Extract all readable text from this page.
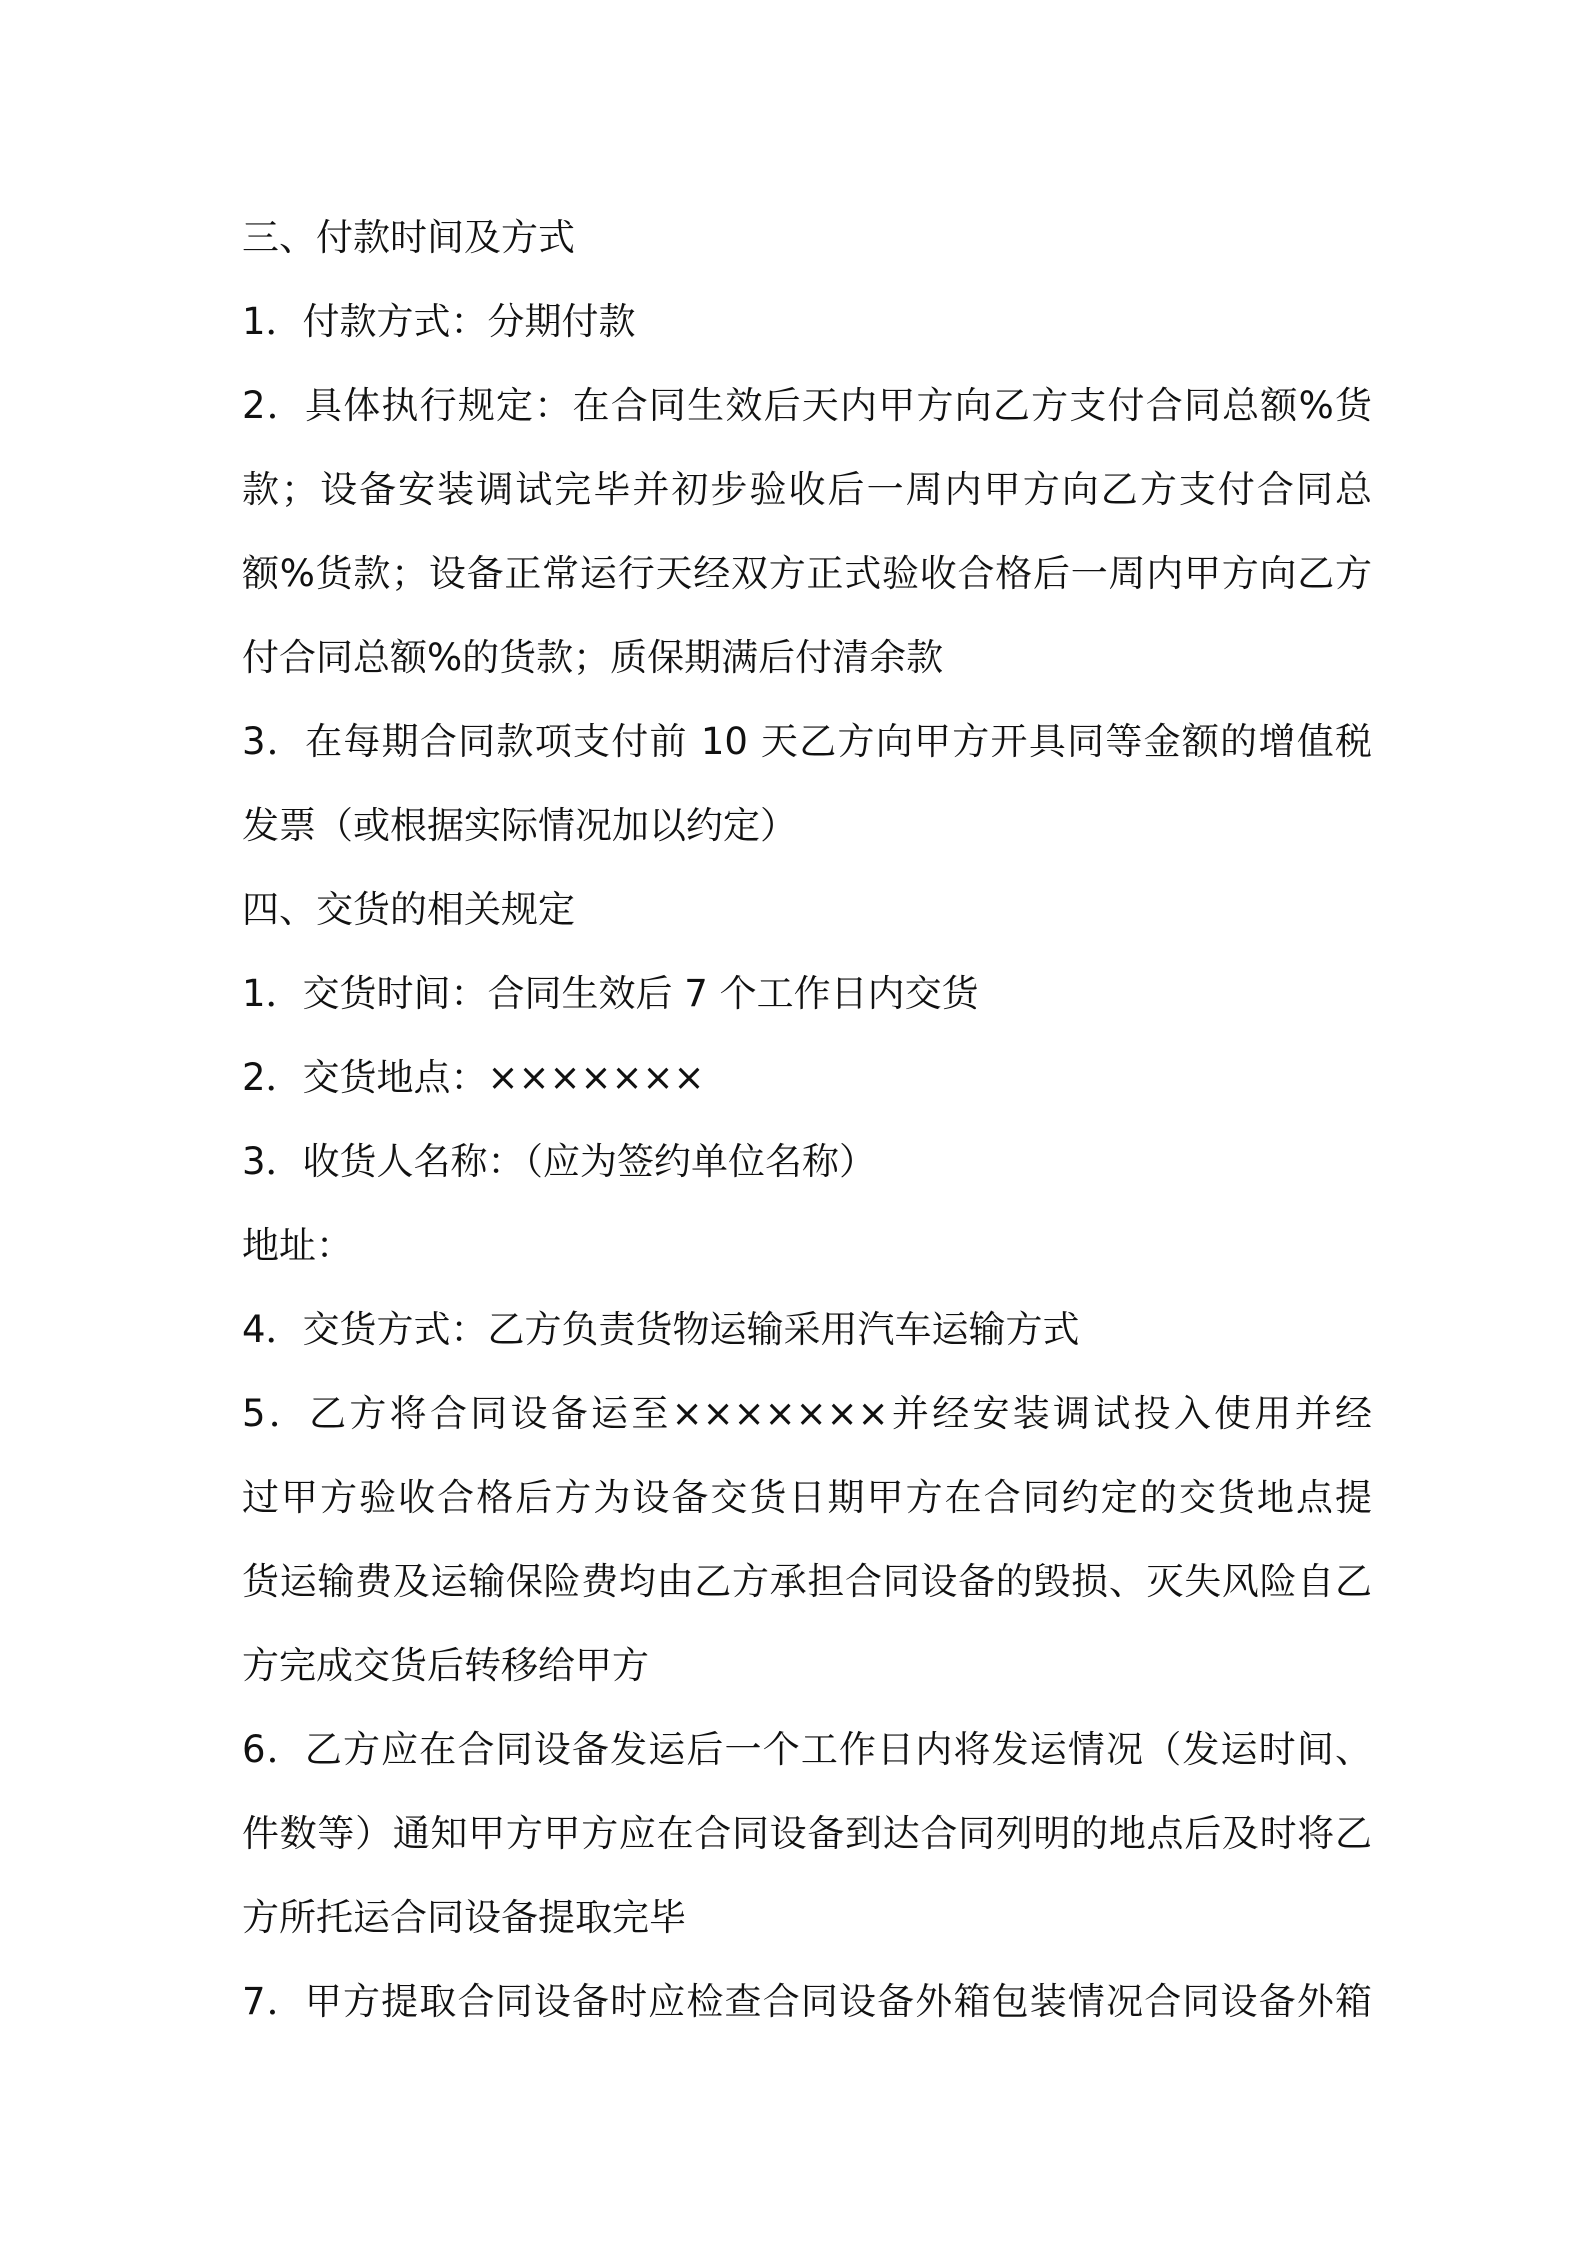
三、付款时间及方式
1．付款方式：分期付款
2．具体执行规定：在合同生效后天内甲方向乙方支付合同总额%货
款；设备安装调试完毕并初步验收后一周内甲方向乙方支付合同总
额%货款；设备正常运行天经双方正式验收合格后一周内甲方向乙方
付合同总额%的货款；质保期满后付清余款
3．在每期合同款项支付前 10 天乙方向甲方开具同等金额的增值税
发票（或根据实际情况加以约定）
四、交货的相关规定
1．交货时间：合同生效后 7 个工作日内交货
2．交货地点：×××××××
3．收货人名称：（应为签约单位名称）
地址：
4．交货方式：乙方负责货物运输采用汽车运输方式
5．乙方将合同设备运至×××××××并经安装调试投入使用并经
过甲方验收合格后方为设备交货日期甲方在合同约定的交货地点提
货运输费及运输保险费均由乙方承担合同设备的毁损、灭失风险自乙
方完成交货后转移给甲方
6．乙方应在合同设备发运后一个工作日内将发运情况（发运时间、
件数等）通知甲方甲方应在合同设备到达合同列明的地点后及时将乙
方所托运合同设备提取完毕
7．甲方提取合同设备时应检查合同设备外箱包装情况合同设备外箱
